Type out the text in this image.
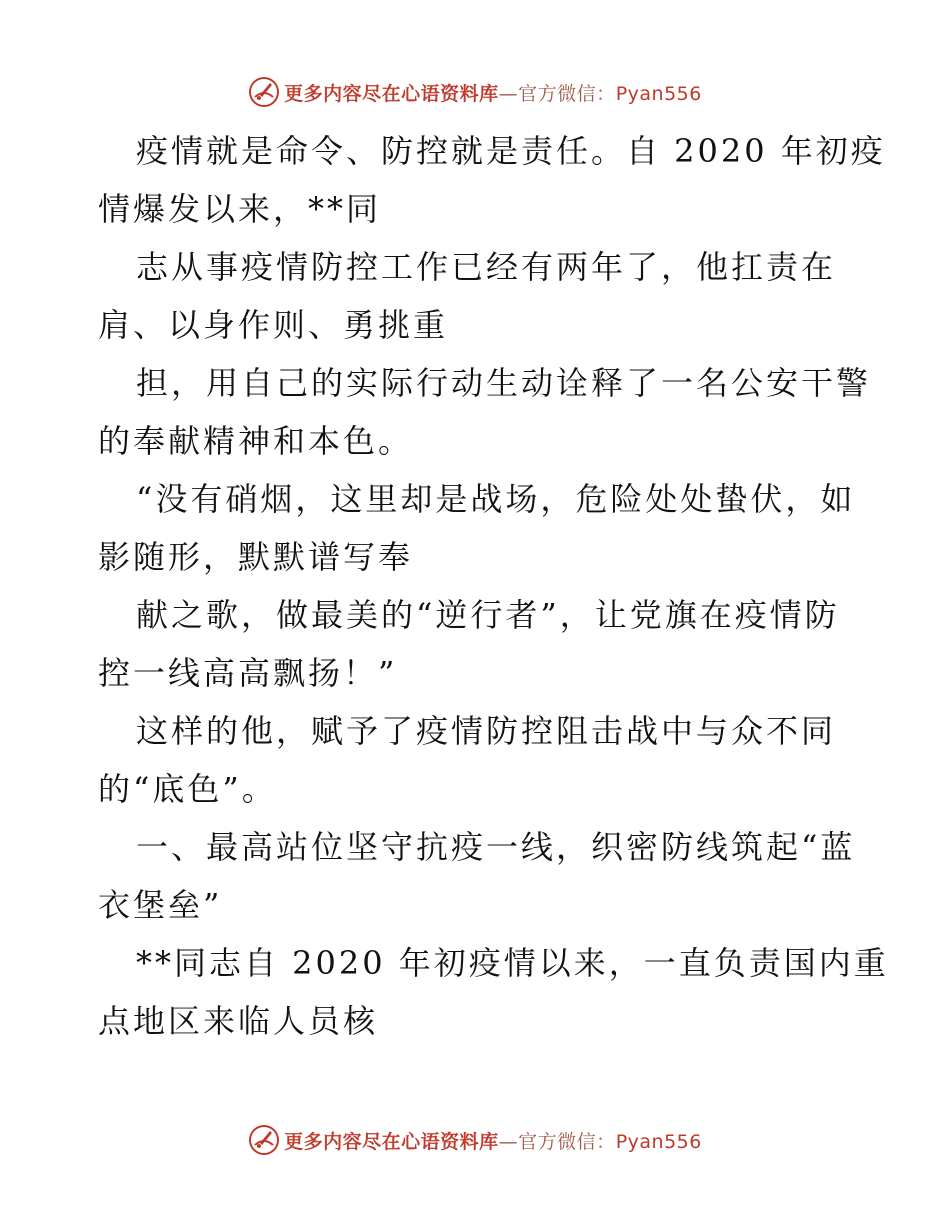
更多内容尽在心语资料库—官方微信：Pyan556

疫情就是命令、防控就是责任。自 2020 年初疫
情爆发以来，**同

志从事疫情防控工作已经有两年了，他扛责在
肩、以身作则、勇挑重

担，用自己的实际行动生动诠释了一名公安干警
的奉献精神和本色。

“没有硝烟，这里却是战场，危险处处蛰伏，如
影随形，默默谱写奉

献之歌，做最美的“逆行者”，让党旗在疫情防
控一线高高飘扬！”

这样的他，赋予了疫情防控阻击战中与众不同
的“底色”。

一、最高站位坚守抗疫一线，织密防线筑起“蓝
衣堡垒”

**同志自 2020 年初疫情以来，一直负责国内重
点地区来临人员核

更多内容尽在心语资料库—官方微信：Pyan556
